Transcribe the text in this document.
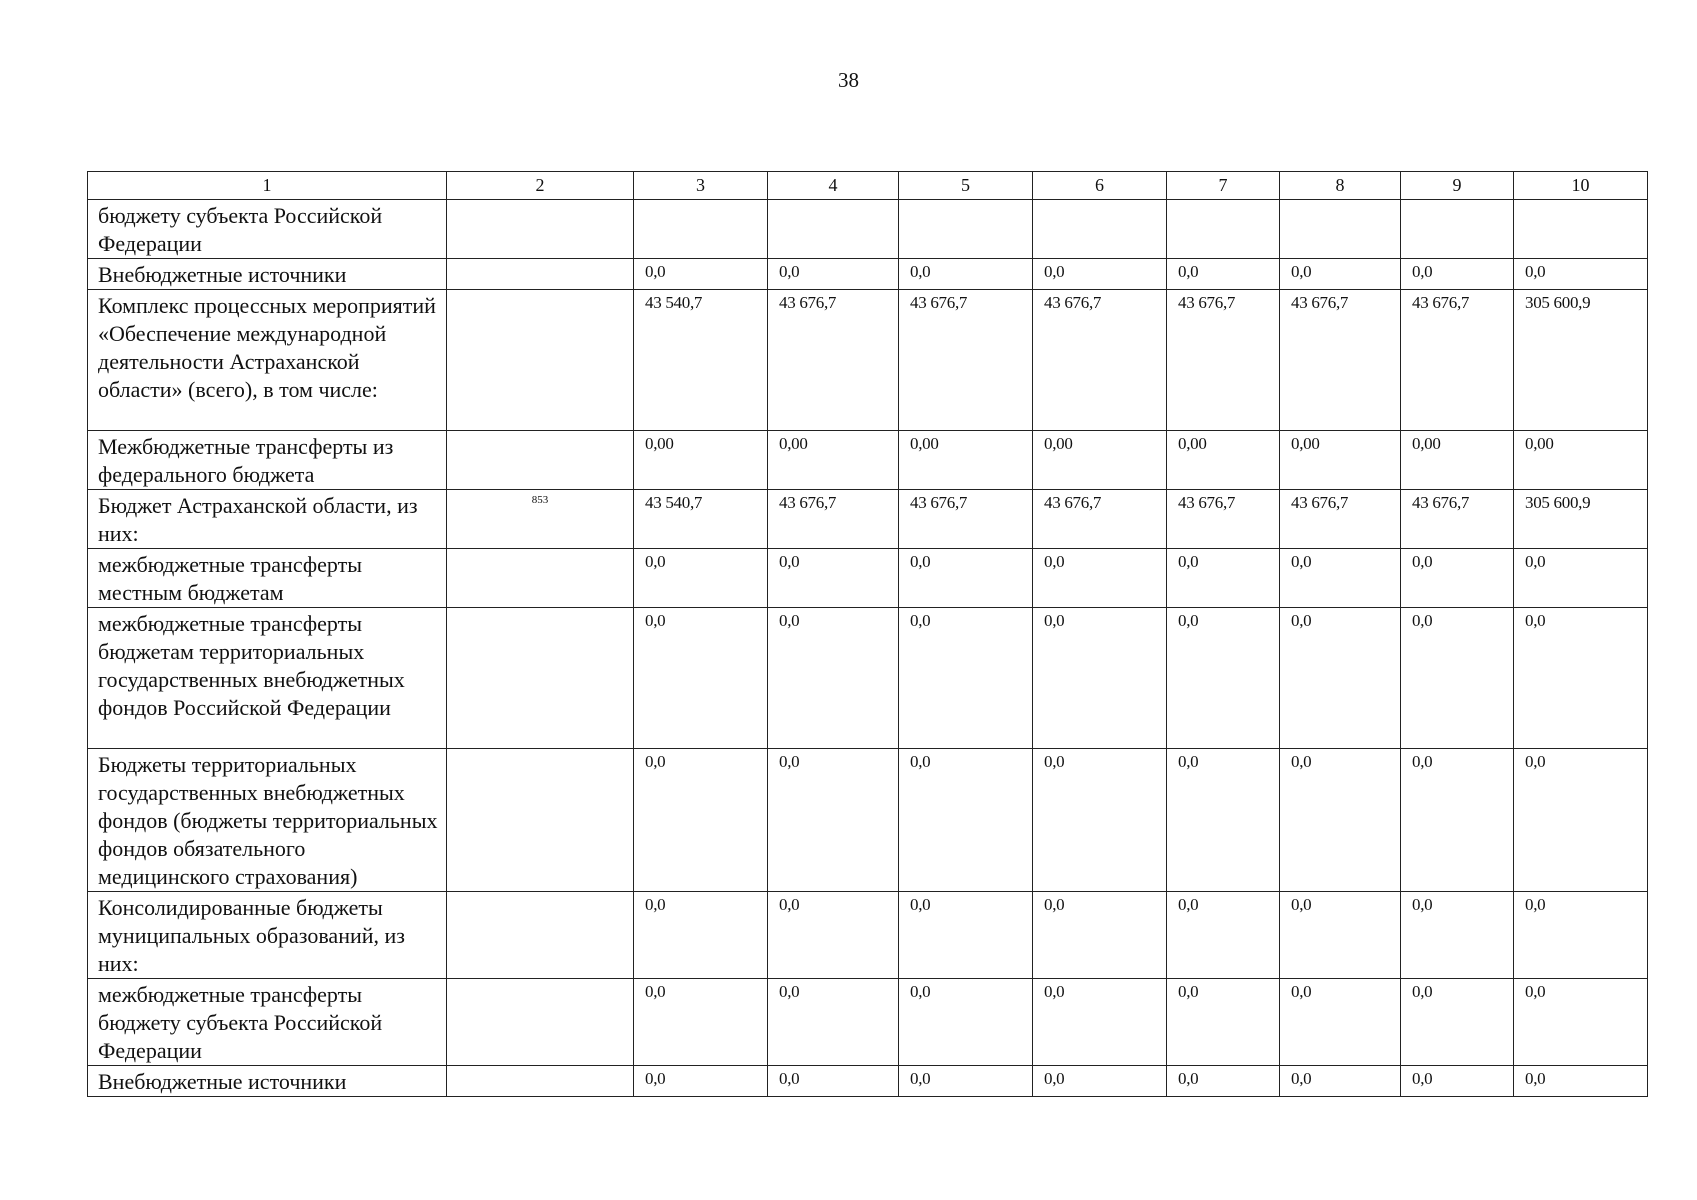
38
1	2	3	4	5	6	7	8	9	10
бюджету субъекта Российской Федерации									
Внебюджетные источники		0,0	0,0	0,0	0,0	0,0	0,0	0,0	0,0
Комплекс процессных мероприятий «Обеспечение международной деятельности Астраханской области» (всего), в том числе:		43 540,7	43 676,7	43 676,7	43 676,7	43 676,7	43 676,7	43 676,7	305 600,9
Межбюджетные трансферты из федерального бюджета		0,00	0,00	0,00	0,00	0,00	0,00	0,00	0,00
Бюджет Астраханской области, из них:	853	43 540,7	43 676,7	43 676,7	43 676,7	43 676,7	43 676,7	43 676,7	305 600,9
межбюджетные трансферты местным бюджетам		0,0	0,0	0,0	0,0	0,0	0,0	0,0	0,0
межбюджетные трансферты бюджетам территориальных государственных внебюджетных фондов Российской Федерации		0,0	0,0	0,0	0,0	0,0	0,0	0,0	0,0
Бюджеты территориальных государственных внебюджетных фондов (бюджеты территориальных фондов обязательного медицинского страхования)		0,0	0,0	0,0	0,0	0,0	0,0	0,0	0,0
Консолидированные бюджеты муниципальных образований, из них:		0,0	0,0	0,0	0,0	0,0	0,0	0,0	0,0
межбюджетные трансферты бюджету субъекта Российской Федерации		0,0	0,0	0,0	0,0	0,0	0,0	0,0	0,0
Внебюджетные источники		0,0	0,0	0,0	0,0	0,0	0,0	0,0	0,0
